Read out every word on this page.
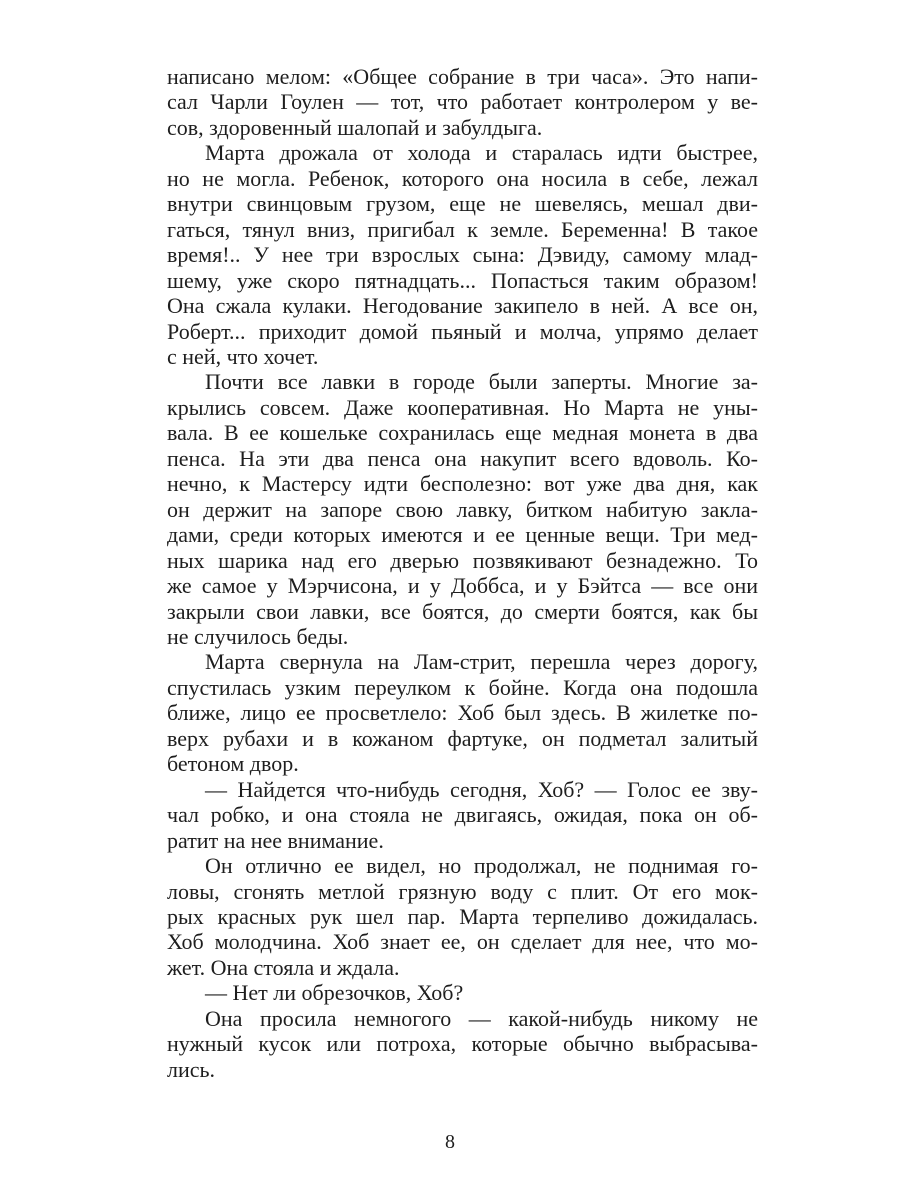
написано мелом: «Общее собрание в три часа». Это напи-
сал Чарли Гоулен — тот, что работает контролером у ве-
сов, здоровенный шалопай и забулдыга.
Марта дрожала от холода и старалась идти быстрее,
но не могла. Ребенок, которого она носила в себе, лежал
внутри свинцовым грузом, еще не шевелясь, мешал дви-
гаться, тянул вниз, пригибал к земле. Беременна! В такое
время!.. У нее три взрослых сына: Дэвиду, самому млад-
шему, уже скоро пятнадцать... Попасться таким образом!
Она сжала кулаки. Негодование закипело в ней. А все он,
Роберт... приходит домой пьяный и молча, упрямо делает
с ней, что хочет.
Почти все лавки в городе были заперты. Многие за-
крылись совсем. Даже кооперативная. Но Марта не уны-
вала. В ее кошельке сохранилась еще медная монета в два
пенса. На эти два пенса она накупит всего вдоволь. Ко-
нечно, к Мастерсу идти бесполезно: вот уже два дня, как
он держит на запоре свою лавку, битком набитую закла-
дами, среди которых имеются и ее ценные вещи. Три мед-
ных шарика над его дверью позвякивают безнадежно. То
же самое у Мэрчисона, и у Доббса, и у Бэйтса — все они
закрыли свои лавки, все боятся, до смерти боятся, как бы
не случилось беды.
Марта свернула на Лам-стрит, перешла через дорогу,
спустилась узким переулком к бойне. Когда она подошла
ближе, лицо ее просветлело: Хоб был здесь. В жилетке по-
верх рубахи и в кожаном фартуке, он подметал залитый
бетоном двор.
— Найдется что-нибудь сегодня, Хоб? — Голос ее зву-
чал робко, и она стояла не двигаясь, ожидая, пока он об-
ратит на нее внимание.
Он отлично ее видел, но продолжал, не поднимая го-
ловы, сгонять метлой грязную воду с плит. От его мок-
рых красных рук шел пар. Марта терпеливо дожидалась.
Хоб молодчина. Хоб знает ее, он сделает для нее, что мо-
жет. Она стояла и ждала.
— Нет ли обрезочков, Хоб?
Она просила немногого — какой-нибудь никому не
нужный кусок или потроха, которые обычно выбрасыва-
лись.
8
